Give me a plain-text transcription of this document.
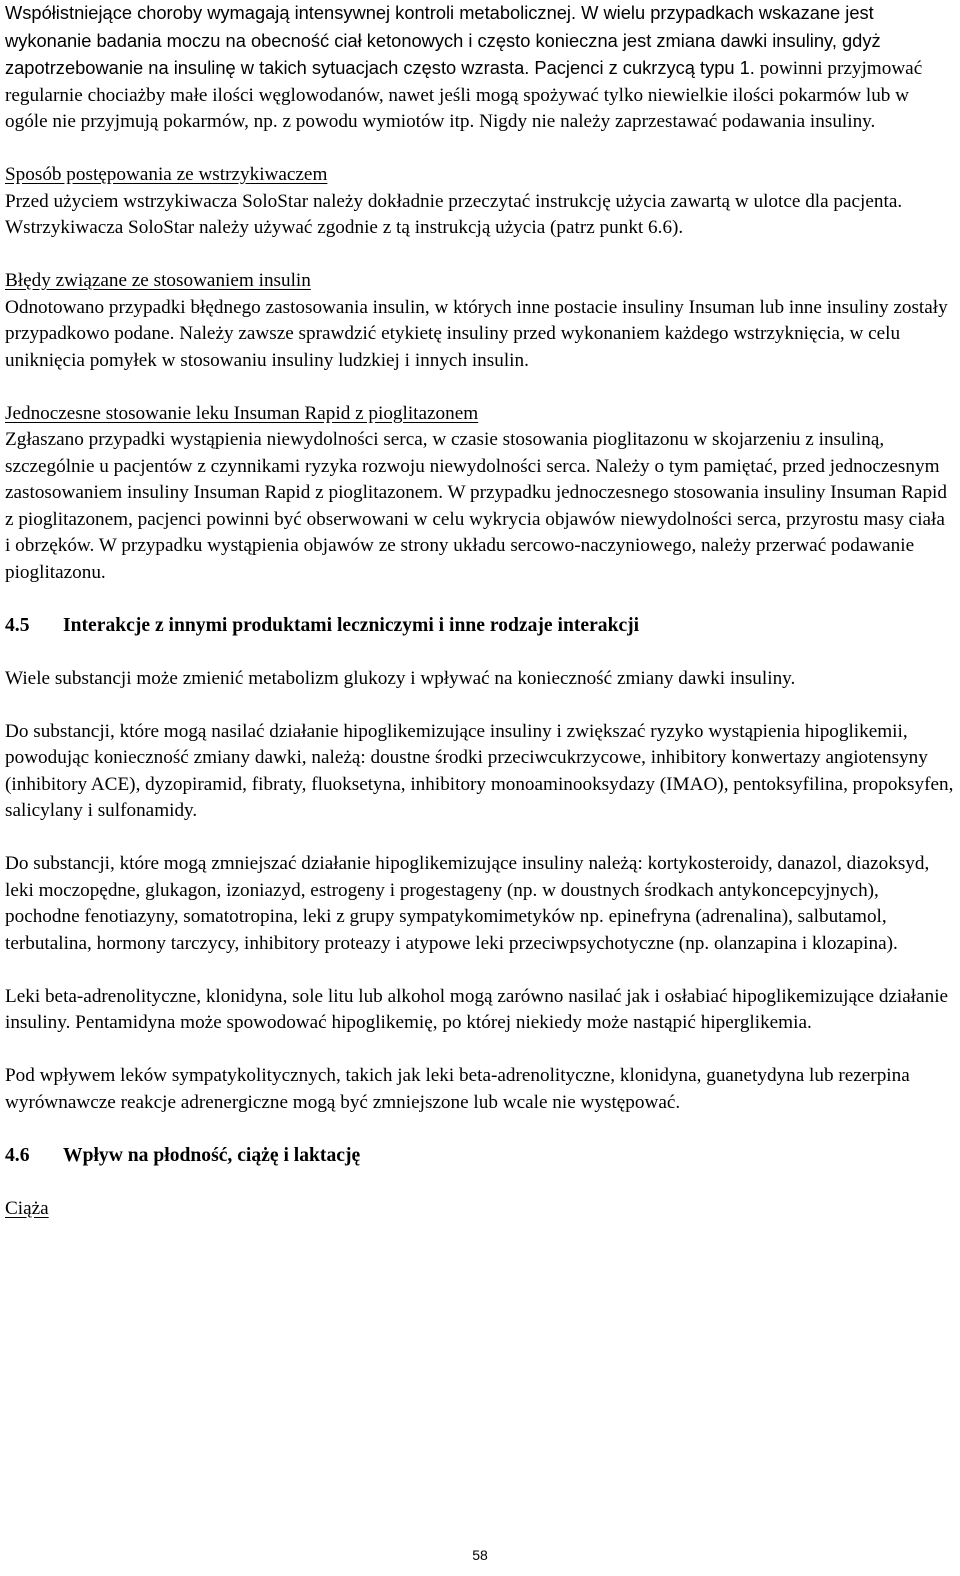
Współistniejące choroby wymagają intensywnej kontroli metabolicznej. W wielu przypadkach wskazane jest wykonanie badania moczu na obecność ciał ketonowych i często konieczna jest zmiana dawki insuliny, gdyż zapotrzebowanie na insulinę w takich sytuacjach często wzrasta. Pacjenci z cukrzycą typu 1. powinni przyjmować regularnie chociażby małe ilości węglowodanów, nawet jeśli mogą spożywać tylko niewielkie ilości pokarmów lub w ogóle nie przyjmują pokarmów, np. z powodu wymiotów itp. Nigdy nie należy zaprzestawać podawania insuliny.

Sposób postępowania ze wstrzykiwaczem

Przed użyciem wstrzykiwacza SoloStar należy dokładnie przeczytać instrukcję użycia zawartą w ulotce dla pacjenta. Wstrzykiwacza SoloStar należy używać zgodnie z tą instrukcją użycia (patrz punkt 6.6).

Błędy związane ze stosowaniem insulin

Odnotowano przypadki błędnego zastosowania insulin, w których inne postacie insuliny Insuman lub inne insuliny zostały przypadkowo podane. Należy zawsze sprawdzić etykietę insuliny przed wykonaniem każdego wstrzyknięcia, w celu uniknięcia pomyłek w stosowaniu insuliny ludzkiej i innych insulin.

Jednoczesne stosowanie leku Insuman Rapid z pioglitazonem

Zgłaszano przypadki wystąpienia niewydolności serca, w czasie stosowania pioglitazonu w skojarzeniu z insuliną, szczególnie u pacjentów z czynnikami ryzyka rozwoju niewydolności serca. Należy o tym pamiętać, przed jednoczesnym zastosowaniem insuliny Insuman Rapid z pioglitazonem. W przypadku jednoczesnego stosowania insuliny Insuman Rapid z pioglitazonem, pacjenci powinni być obserwowani w celu wykrycia objawów niewydolności serca, przyrostu masy ciała i obrzęków. W przypadku wystąpienia objawów ze strony układu sercowo-naczyniowego, należy przerwać podawanie pioglitazonu.

4.5 Interakcje z innymi produktami leczniczymi i inne rodzaje interakcji

Wiele substancji może zmienić metabolizm glukozy i wpływać na konieczność zmiany dawki insuliny.

Do substancji, które mogą nasilać działanie hipoglikemizujące insuliny i zwiększać ryzyko wystąpienia hipoglikemii, powodując konieczność zmiany dawki, należą: doustne środki przeciwcukrzycowe, inhibitory konwertazy angiotensyny (inhibitory ACE), dyzopiramid, fibraty, fluoksetyna, inhibitory monoaminooksydazy (IMAO), pentoksyfilina, propoksyfen, salicylany i sulfonamidy.

Do substancji, które mogą zmniejszać działanie hipoglikemizujące insuliny należą: kortykosteroidy, danazol, diazoksyd, leki moczopędne, glukagon, izoniazyd, estrogeny i progestageny (np. w doustnych środkach antykoncepcyjnych), pochodne fenotiazyny, somatotropina, leki z grupy sympatykomimetyków np. epinefryna (adrenalina), salbutamol, terbutalina, hormony tarczycy, inhibitory proteazy i atypowe leki przeciwpsychotyczne (np. olanzapina i klozapina).

Leki beta-adrenolityczne, klonidyna, sole litu lub alkohol mogą zarówno nasilać jak i osłabiać hipoglikemizujące działanie insuliny. Pentamidyna może spowodować hipoglikemię, po której niekiedy może nastąpić hiperglikemia.

Pod wpływem leków sympatykolitycznych, takich jak leki beta-adrenolityczne, klonidyna, guanetydyna lub rezerpina wyrównawcze reakcje adrenergiczne mogą być zmniejszone lub wcale nie występować.

4.6 Wpływ na płodność, ciążę i laktację

Ciąża

58
